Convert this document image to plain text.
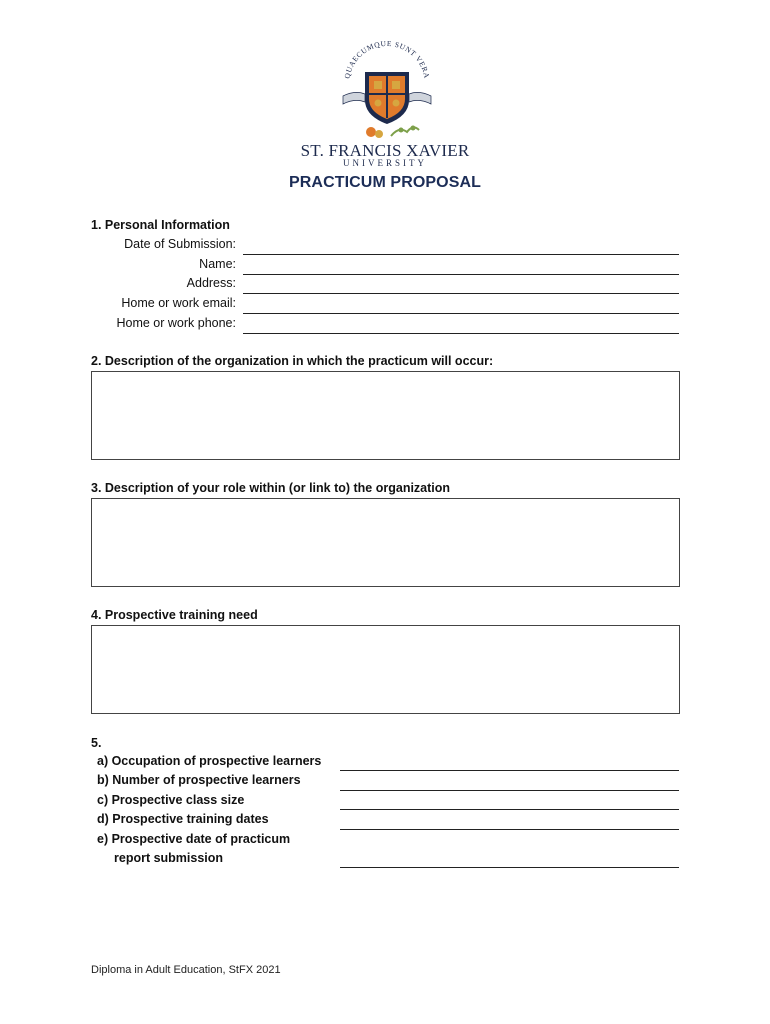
QUAECUMQUE SUNT VERA
ST. FRANCIS XAVIER
UNIVERSITY
PRACTICUM PROPOSAL
1. Personal Information
Date of Submission:
Name:
Address:
Home or work email:
Home or work phone:
2. Description of the organization in which the practicum will occur:
3. Description of your role within (or link to) the organization
4. Prospective training need
5.
a) Occupation of prospective learners
b) Number of prospective learners
c) Prospective class size
d) Prospective training dates
e) Prospective date of practicum
report submission
Diploma in Adult Education, StFX 2021
